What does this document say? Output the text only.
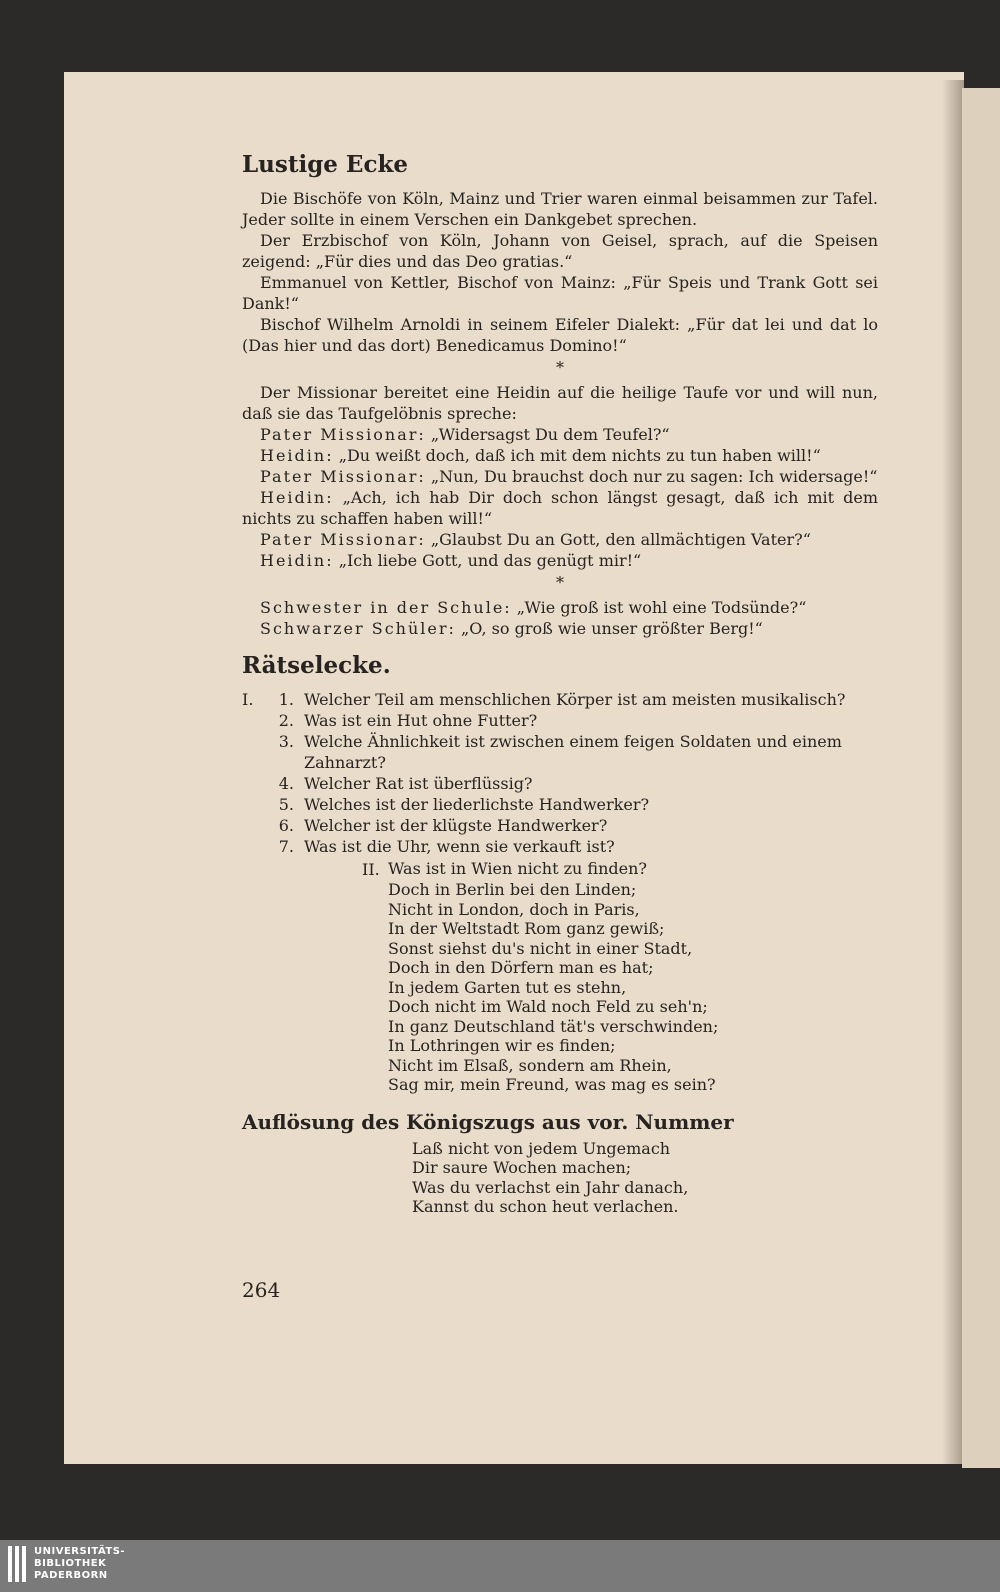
Lustige Ecke

Die Bischöfe von Köln, Mainz und Trier waren einmal beisammen zur Tafel. Jeder sollte in einem Verschen ein Dankgebet sprechen.

Der Erzbischof von Köln, Johann von Geisel, sprach, auf die Speisen zeigend: „Für dies und das Deo gratias.“

Emmanuel von Kettler, Bischof von Mainz: „Für Speis und Trank Gott sei Dank!“

Bischof Wilhelm Arnoldi in seinem Eifeler Dialekt: „Für dat lei und dat lo (Das hier und das dort) Benedicamus Domino!“

*

Der Missionar bereitet eine Heidin auf die heilige Taufe vor und will nun, daß sie das Taufgelöbnis spreche:

Pater Missionar: „Widersagst Du dem Teufel?“

Heidin: „Du weißt doch, daß ich mit dem nichts zu tun haben will!“

Pater Missionar: „Nun, Du brauchst doch nur zu sagen: Ich widersage!“

Heidin: „Ach, ich hab Dir doch schon längst gesagt, daß ich mit dem nichts zu schaffen haben will!“

Pater Missionar: „Glaubst Du an Gott, den allmächtigen Vater?“

Heidin: „Ich liebe Gott, und das genügt mir!“

*

Schwester in der Schule: „Wie groß ist wohl eine Todsünde?“

Schwarzer Schüler: „O, so groß wie unser größter Berg!“

Rätselecke.
I.	1. Welcher Teil am menschlichen Körper ist am meisten musikalisch?
2. Was ist ein Hut ohne Futter?
3. Welche Ähnlichkeit ist zwischen einem feigen Soldaten und einem Zahnarzt?
4. Welcher Rat ist überflüssig?
5. Welches ist der liederlichste Handwerker?
6. Welcher ist der klügste Handwerker?
7. Was ist die Uhr, wenn sie verkauft ist?
II. Was ist in Wien nicht zu finden?
Doch in Berlin bei den Linden;
Nicht in London, doch in Paris,
In der Weltstadt Rom ganz gewiß;
Sonst siehst du's nicht in einer Stadt,
Doch in den Dörfern man es hat;
In jedem Garten tut es stehn,
Doch nicht im Wald noch Feld zu seh'n;
In ganz Deutschland tät's verschwinden;
In Lothringen wir es finden;
Nicht im Elsaß, sondern am Rhein,
Sag mir, mein Freund, was mag es sein?
Auflösung des Königszugs aus vor. Nummer
Laß nicht von jedem Ungemach
Dir saure Wochen machen;
Was du verlachst ein Jahr danach,
Kannst du schon heut verlachen.
264
UNIVERSITÄTS-
BIBLIOTHEK
PADERBORN
